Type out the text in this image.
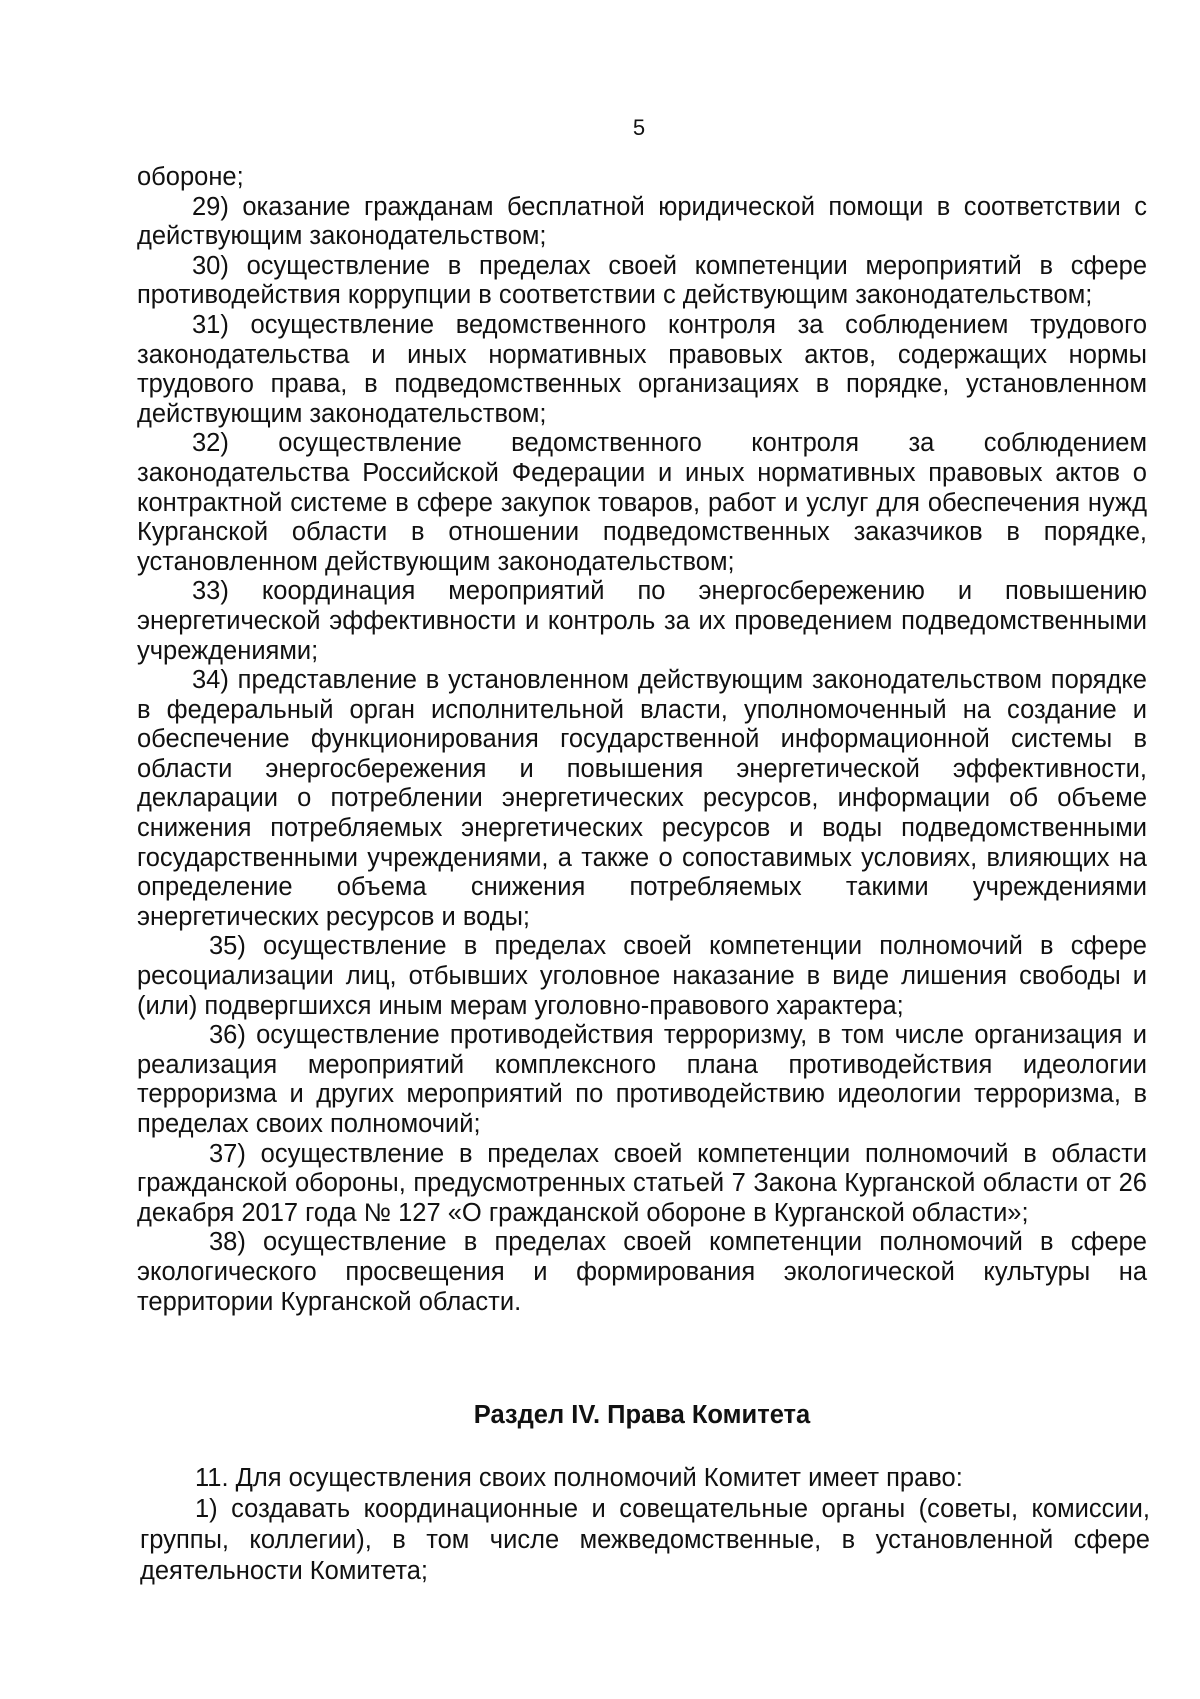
5

обороне;

29) оказание гражданам бесплатной юридической помощи в соответствии с действующим законодательством;

30) осуществление в пределах своей компетенции мероприятий в сфере противодействия коррупции в соответствии с действующим законодательством;

31) осуществление ведомственного контроля за соблюдением трудового законодательства и иных нормативных правовых актов, содержащих нормы трудового права, в подведомственных организациях в порядке, установленном действующим законодательством;

32) осуществление ведомственного контроля за соблюдением законодательства Российской Федерации и иных нормативных правовых актов о контрактной системе в сфере закупок товаров, работ и услуг для обеспечения нужд Курганской области в отношении подведомственных заказчиков в порядке, установленном действующим законодательством;

33) координация мероприятий по энергосбережению и повышению энергетической эффективности и контроль за их проведением подведомственными учреждениями;

34) представление в установленном действующим законодательством порядке в федеральный орган исполнительной власти, уполномоченный на создание и обеспечение функционирования государственной информационной системы в области энергосбережения и повышения энергетической эффективности, декларации о потреблении энергетических ресурсов, информации об объеме снижения потребляемых энергетических ресурсов и воды подведомственными государственными учреждениями, а также о сопоставимых условиях, влияющих на определение объема снижения потребляемых такими учреждениями энергетических ресурсов и воды;

35) осуществление в пределах своей компетенции полномочий в сфере ресоциализации лиц, отбывших уголовное наказание в виде лишения свободы и (или) подвергшихся иным мерам уголовно-правового характера;

36) осуществление противодействия терроризму, в том числе организация и реализация мероприятий комплексного плана противодействия идеологии терроризма и других мероприятий по противодействию идеологии терроризма, в пределах своих полномочий;

37) осуществление в пределах своей компетенции полномочий в области гражданской обороны, предусмотренных статьей 7 Закона Курганской области от 26 декабря 2017 года № 127 «О гражданской обороне в Курганской области»;

38) осуществление в пределах своей компетенции полномочий в сфере экологического просвещения и формирования экологической культуры на территории Курганской области.

Раздел IV. Права Комитета

11. Для осуществления своих полномочий Комитет имеет право:

1) создавать координационные и совещательные органы (советы, комиссии, группы, коллегии), в том числе межведомственные, в установленной сфере деятельности Комитета;
